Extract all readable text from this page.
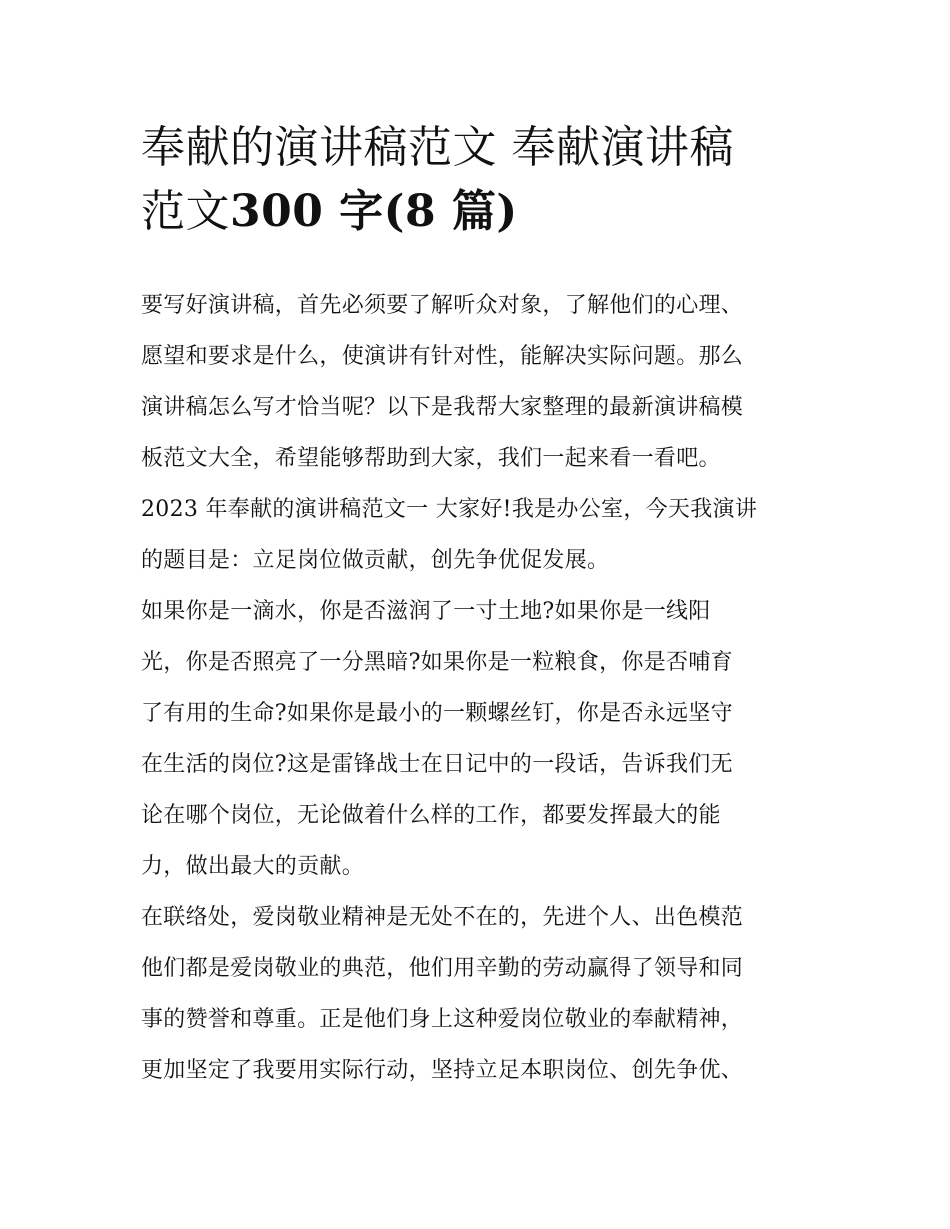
奉献的演讲稿范文 奉献演讲稿
范文300 字(8 篇)

要写好演讲稿，首先必须要了解听众对象，了解他们的心理、
愿望和要求是什么，使演讲有针对性，能解决实际问题。那么
演讲稿怎么写才恰当呢？以下是我帮大家整理的最新演讲稿模
板范文大全，希望能够帮助到大家，我们一起来看一看吧。

2023 年奉献的演讲稿范文一 大家好!我是办公室，今天我演讲
的题目是：立足岗位做贡献，创先争优促发展。

如果你是一滴水，你是否滋润了一寸土地?如果你是一线阳
光，你是否照亮了一分黑暗?如果你是一粒粮食，你是否哺育
了有用的生命?如果你是最小的一颗螺丝钉，你是否永远坚守
在生活的岗位?这是雷锋战士在日记中的一段话，告诉我们无
论在哪个岗位，无论做着什么样的工作，都要发挥最大的能
力，做出最大的贡献。

在联络处，爱岗敬业精神是无处不在的，先进个人、出色模范
他们都是爱岗敬业的典范，他们用辛勤的劳动赢得了领导和同
事的赞誉和尊重。正是他们身上这种爱岗位敬业的奉献精神，
更加坚定了我要用实际行动，坚持立足本职岗位、创先争优、
